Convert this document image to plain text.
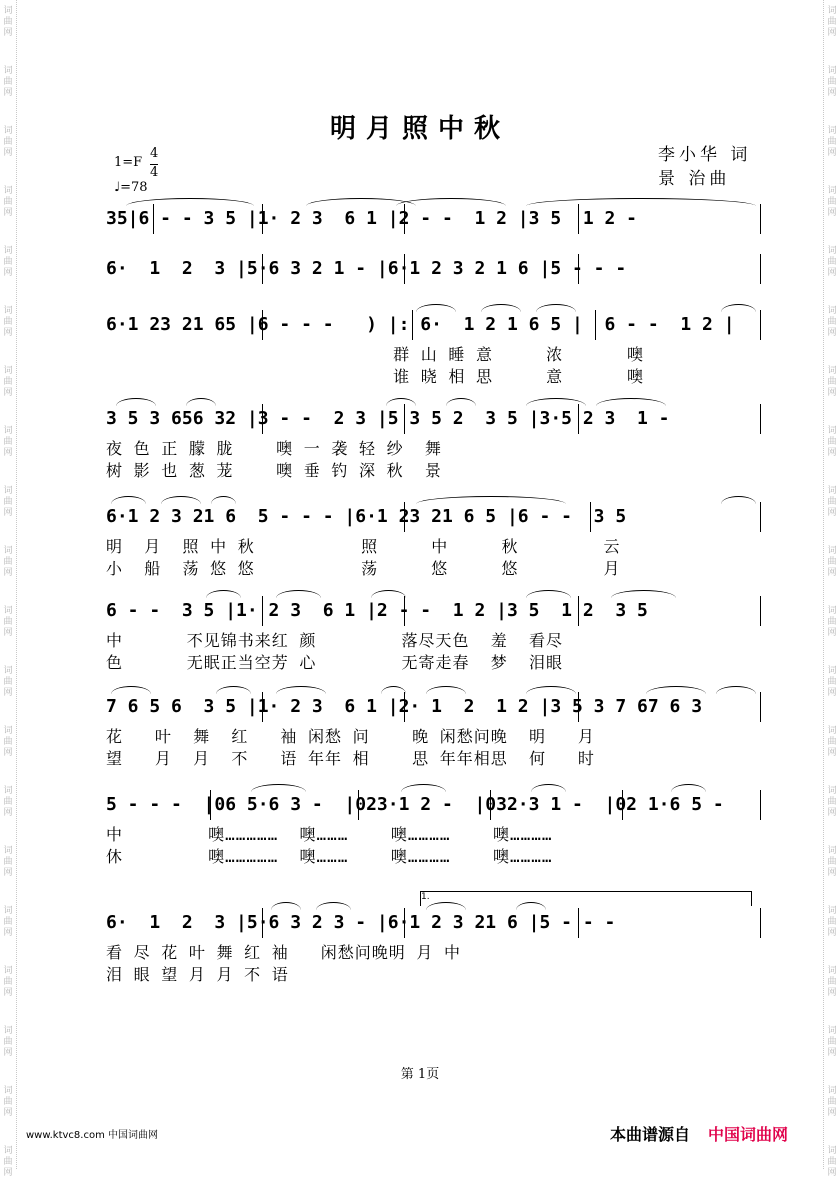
词
曲
网
词
曲
网
词
曲
网
词
曲
网
词
曲
网
词
曲
网
词
曲
网
词
曲
网
词
曲
网
词
曲
网
词
曲
网
词
曲
网
词
曲
网
词
曲
网
词
曲
网
词
曲
网
词
曲
网
词
曲
网
词
曲
网
词
曲
网
词
曲
网
词
曲
网
词
曲
网
词
曲
网
词
曲
网
词
曲
网
词
曲
网
词
曲
网
词
曲
网
词
曲
网
词
曲
网
词
曲
网
词
曲
网
词
曲
网
词
曲
网
词
曲
网
词
曲
网
词
曲
网
词
曲
网
词
曲
网
明月照中秋
李小华 词
景 治曲
1=F
4
4
♩=78
35|6 - - 3 5 |1· 2 3  6 1 |2 - -  1 2 |3 5  1 2 -
6·  1  2  3 |5·6 3 2 1 - |6·1 2 3 2 1 6 |5 - - -
6·1 23 21 65 |6 - - -   ) |: 6·  1 2 1 6 5 |  6 - -  1 2 |
群 山 睡 意     浓      噢
谁 晓 相 思     意      噢
3 5 3 656 32 |3 - -  2 3 |5 3 5 2  3 5 |3·5 2 3  1 -
夜 色 正 朦 胧    噢 一 袭 轻 纱  舞
树 影 也 葱 茏    噢 垂 钓 深 秋  景
6·1 2 3 21 6  5 - - - |6·1 23 21 6 5 |6 - -  3 5
明  月  照 中 秋          照     中     秋        云
小  船  荡 悠 悠          荡     悠     悠        月
6 - -  3 5 |1· 2 3  6 1 |2 - -  1 2 |3 5  1 2  3 5
中      不见锦书来红 颜        落尽天色  羞  看尽
色      无眠正当空芳 心        无寄走春  梦  泪眼
7 6 5 6  3 5 |1· 2 3  6 1 |2· 1  2  1 2 |3 5 3 7 67 6 3
花   叶  舞  红   袖 闲愁 问    晚 闲愁问晚  明   月
望   月  月  不   语 年年 相    思 年年相思  何   时
5 - - -  |06 5·6 3 -  |023·1 2 -  |032·3 1 -  |02 1·6 5 -
中        噢……………  噢………    噢…………    噢…………
休        噢……………  噢………    噢…………    噢…………
6·  1  2  3 |5·6 3 2 3 - |6·1 2 3 21 6 |5 - - -
看 尽 花 叶 舞 红 袖   闲愁问晚明 月 中
泪 眼 望 月 月 不 语
1.
第 1页
www.ktvc8.com 中国词曲网	本曲谱源自 中国词曲网
